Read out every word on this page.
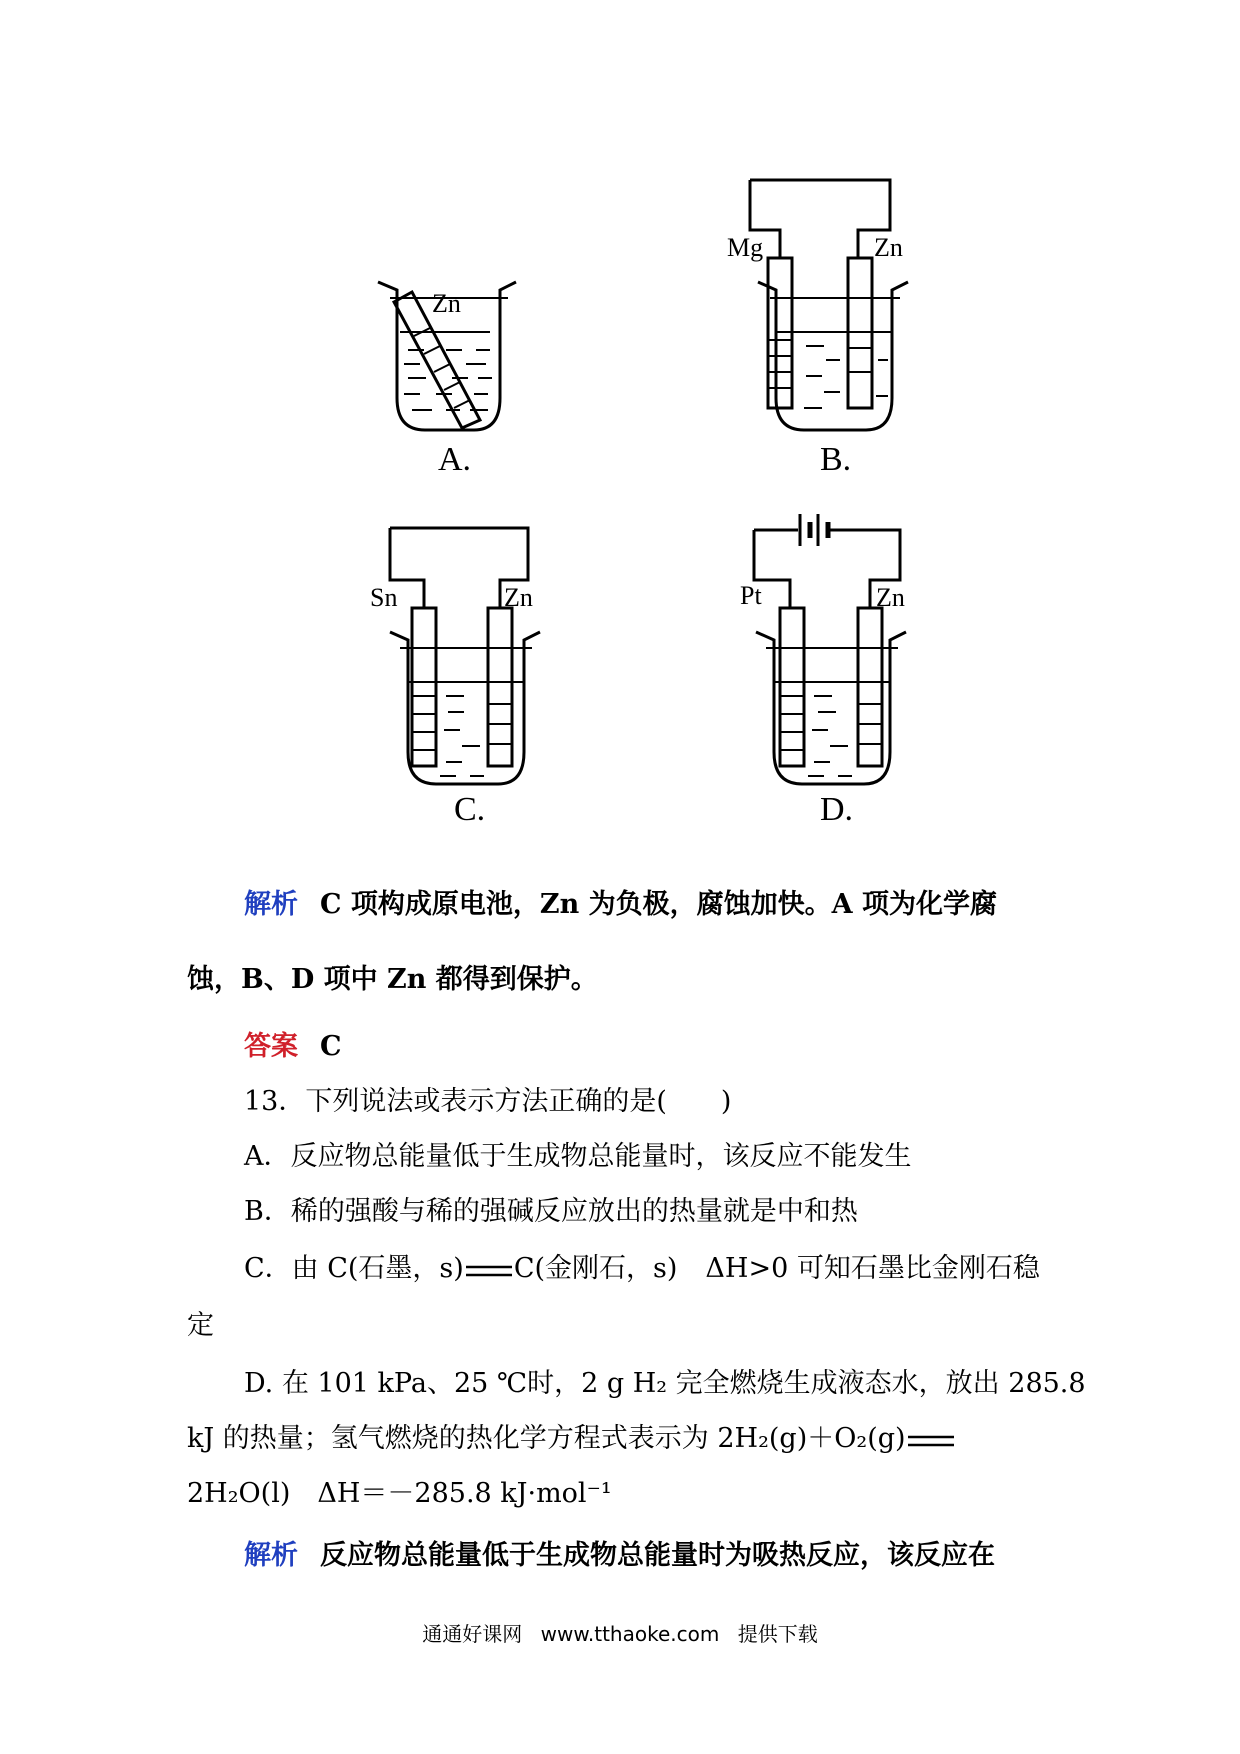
Zn
Mg	Zn
Sn	Zn	Pt	Zn
A.	B.
C.	D.
解析 C 项构成原电池，Zn 为负极，腐蚀加快。A 项为化学腐
蚀，B、D 项中 Zn 都得到保护。
答案 C
13．下列说法或表示方法正确的是(　　)
A．反应物总能量低于生成物总能量时，该反应不能发生
B．稀的强酸与稀的强碱反应放出的热量就是中和热
C．由 C(石墨，s) C(金刚石，s) ΔH>0 可知石墨比金刚石稳
定
D. 在 101 kPa、25 ℃时，2 g H₂ 完全燃烧生成液态水，放出 285.8
kJ 的热量；氢气燃烧的热化学方程式表示为 2H₂(g)＋O₂(g)
2H₂O(l)　ΔH＝－285.8 kJ·mol⁻¹
解析 反应物总能量低于生成物总能量时为吸热反应，该反应在
通通好课网 www.tthaoke.com 提供下载
